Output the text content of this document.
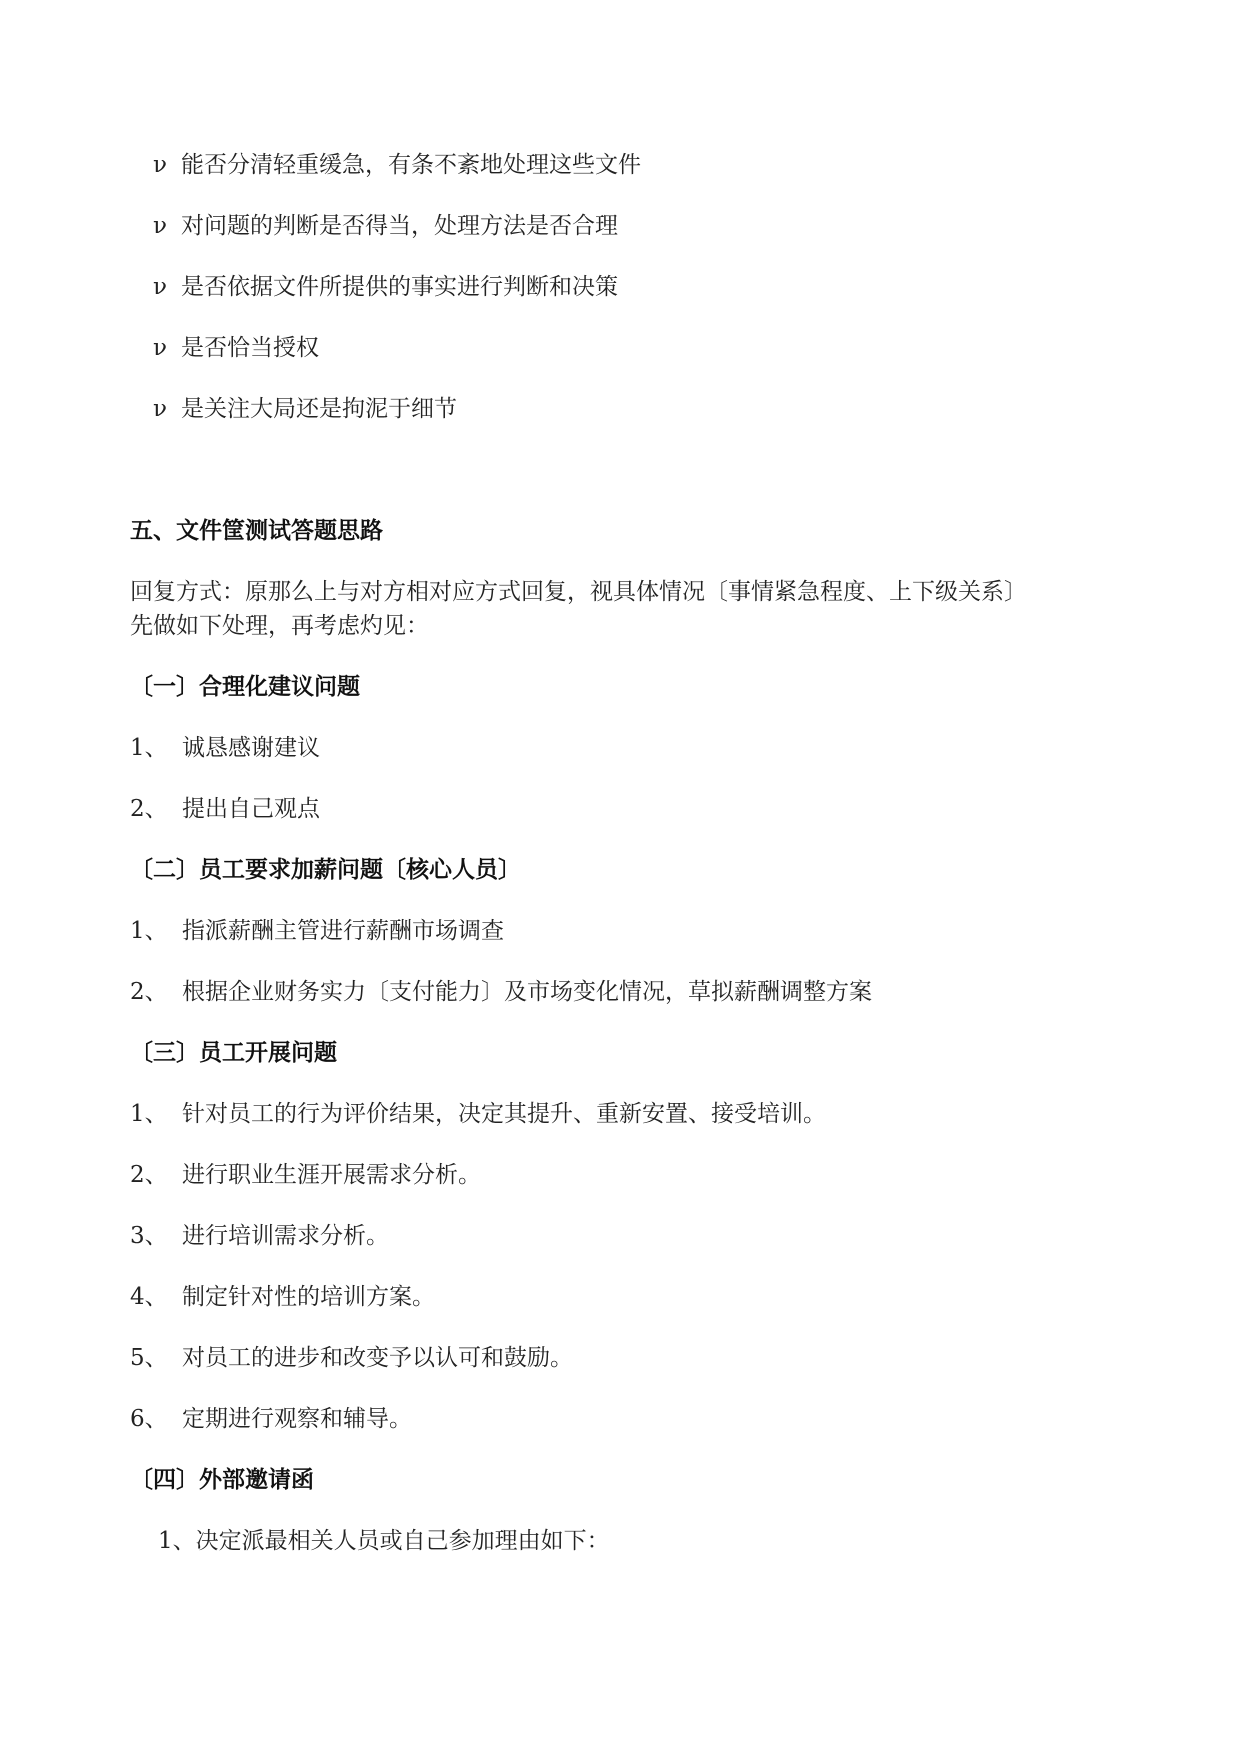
ν 能否分清轻重缓急，有条不紊地处理这些文件
ν 对问题的判断是否得当，处理方法是否合理
ν 是否依据文件所提供的事实进行判断和决策
ν 是否恰当授权
ν 是关注大局还是拘泥于细节
五、文件筐测试答题思路
回复方式：原那么上与对方相对应方式回复，视具体情况〔事情紧急程度、上下级关系〕
先做如下处理，再考虑灼见：
〔一〕合理化建议问题
1、 诚恳感谢建议
2、 提出自己观点
〔二〕员工要求加薪问题〔核心人员〕
1、 指派薪酬主管进行薪酬市场调查
2、 根据企业财务实力〔支付能力〕及市场变化情况，草拟薪酬调整方案
〔三〕员工开展问题
1、 针对员工的行为评价结果，决定其提升、重新安置、接受培训。
2、 进行职业生涯开展需求分析。
3、 进行培训需求分析。
4、 制定针对性的培训方案。
5、 对员工的进步和改变予以认可和鼓励。
6、 定期进行观察和辅导。
〔四〕外部邀请函
1、决定派最相关人员或自己参加理由如下：
